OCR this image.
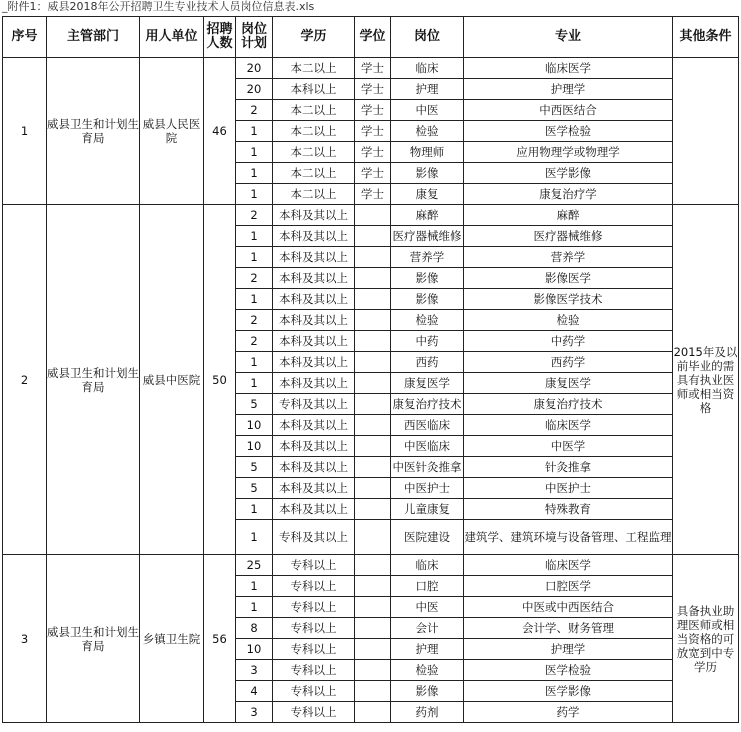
_附件1：威县2018年公开招聘卫生专业技术人员岗位信息表.xls
序号	主管部门	用人单位	招聘人数	岗位计划	学历	学位	岗位	专业	其他条件
1	威县卫生和计划生育局	威县人民医院	46	20	本二以上	学士	临床	临床医学	
				20	本科以上	学士	护理	护理学	
				2	本二以上	学士	中医	中西医结合	
				1	本二以上	学士	检验	医学检验	
				1	本二以上	学士	物理师	应用物理学或物理学	
				1	本二以上	学士	影像	医学影像	
				1	本二以上	学士	康复	康复治疗学	
2	威县卫生和计划生育局	威县中医院	50	2	本科及其以上		麻醉	麻醉	2015年及以前毕业的需具有执业医师或相当资格
				1	本科及其以上		医疗器械维修	医疗器械维修	
				1	本科及其以上		营养学	营养学	
				2	本科及其以上		影像	影像医学	
				1	本科及其以上		影像	影像医学技术	
				2	本科及其以上		检验	检验	
				2	本科及其以上		中药	中药学	
				1	本科及其以上		西药	西药学	
				1	本科及其以上		康复医学	康复医学	
				5	专科及其以上		康复治疗技术	康复治疗技术	
				10	本科及其以上		西医临床	临床医学	
				10	本科及其以上		中医临床	中医学	
				5	本科及其以上		中医针灸推拿	针灸推拿	
				5	本科及其以上		中医护士	中医护士	
				1	本科及其以上		儿童康复	特殊教育	
				1	专科及其以上		医院建设	建筑学、建筑环境与设备管理、工程监理	
3	威县卫生和计划生育局	乡镇卫生院	56	25	专科以上		临床	临床医学	具备执业助理医师或相当资格的可放宽到中专学历
				1	专科以上		口腔	口腔医学	
				1	专科以上		中医	中医或中西医结合	
				8	专科以上		会计	会计学、财务管理	
				10	专科以上		护理	护理学	
				3	专科以上		检验	医学检验	
				4	专科以上		影像	医学影像	
				3	专科以上		药剂	药学	
